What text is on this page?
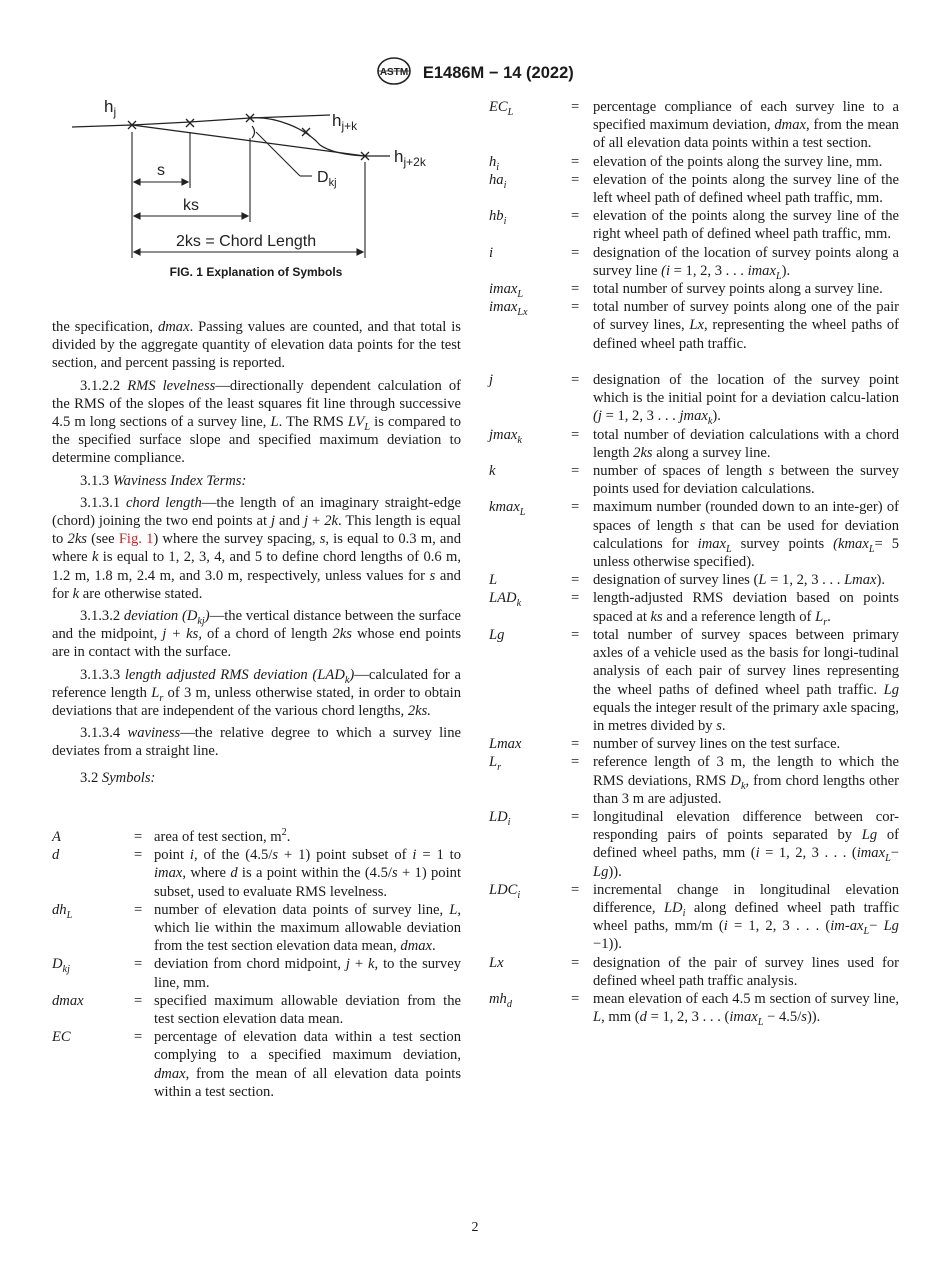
ASTM E1486M − 14 (2022)
$h_j$	$h_{j+k}$
$h_{j+2k}$
$D_{kj}$
s
ks
2ks = Chord Length
FIG. 1 Explanation of Symbols

the specification, dmax. Passing values are counted, and that total is divided by the aggregate quantity of elevation data points for the test section, and percent passing is reported.

3.1.2.2 RMS levelness—directionally dependent calculation of the RMS of the slopes of the least squares fit line through successive 4.5 m long sections of a survey line, L. The RMS $LV_L$ is compared to the specified surface slope and specified maximum deviation to determine compliance.

3.1.3 Waviness Index Terms:

3.1.3.1 chord length—the length of an imaginary straight-edge (chord) joining the two end points at j and j + 2k. This length is equal to 2ks (see Fig. 1) where the survey spacing, s, is equal to 0.3 m, and where k is equal to 1, 2, 3, 4, and 5 to define chord lengths of 0.6 m, 1.2 m, 1.8 m, 2.4 m, and 3.0 m, respectively, unless values for s and for k are otherwise stated.

3.1.3.2 deviation $(D_{kj})—the$ vertical distance between the surface and the midpoint, j + ks, of a chord of length 2ks whose end points are in contact with the surface.

3.1.3.3 length adjusted RMS deviation $(LAD_k)—calculated$ for a reference length $L_r$ of 3 m, unless otherwise stated, in order to obtain deviations that are independent of the various chord lengths, 2ks.

3.1.3.4 waviness—the relative degree to which a survey line deviates from a straight line.

3.2 Symbols:

A	= area of test section, $m^2$.
d	= point i, of the (4.5/s + 1) point subset of i = 1 to imax, where d is a point within the (4.5/s + 1) point subset, used to evaluate RMS levelness.
$dh_L$	= number of elevation data points of survey line, L, which lie within the maximum allowable deviation from the test section elevation data mean, dmax.
$D_{kj}$	= deviation from chord midpoint, j + k, to the survey line, mm.
dmax	= specified maximum allowable deviation from the test section elevation data mean.
EC	= percentage of elevation data within a test section complying to a specified maximum deviation, dmax, from the mean of all elevation data points within a test section.
$EC_L$	= percentage compliance of each survey line to a specified maximum deviation, dmax, from the mean of all elevation data points within a test section.
$h_i$	= elevation of the points along the survey line, mm.
$ha_i$	= elevation of the points along the survey line of the left wheel path of defined wheel path traffic, mm.
$hb_i$	= elevation of the points along the survey line of the right wheel path of defined wheel path traffic, mm.
i	= designation of the location of survey points along a survey line (i = 1, 2, 3 . . . imax$_L$).
imax$_L$	= total number of survey points along a survey line.
imax$_{Lx}$	= total number of survey points along one of the pair of survey lines, Lx, representing the wheel paths of defined wheel path traffic.

j	= designation of the location of the survey point which is the initial point for a deviation calcu-lation (j = 1, 2, 3 . . . jmax$_k$).
jmax$_k$	= total number of deviation calculations with a chord length 2ks along a survey line.
k	= number of spaces of length s between the survey points used for deviation calculations.
kmax$_L$	= maximum number (rounded down to an inte-ger) of spaces of length s that can be used for deviation calculations for imax$_L$ survey points (kmax$_L$= 5 unless otherwise specified).
L	= designation of survey lines (L = 1, 2, 3 . . . Lmax).
$LAD_k$	= length-adjusted RMS deviation based on points spaced at ks and a reference length of $L_r$.
Lg	= total number of survey spaces between primary axles of a vehicle used as the basis for longi-tudinal analysis of each pair of survey lines representing the wheel paths of defined wheel path traffic. Lg equals the integer result of the primary axle spacing, in metres divided by s.
Lmax	= number of survey lines on the test surface.
$L_r$	= reference length of 3 m, the length to which the RMS deviations, RMS $D_k$, from chord lengths other than 3 m are adjusted.
$LD_i$	= longitudinal elevation difference between cor-responding pairs of points separated by Lg of defined wheel paths, mm (i = 1, 2, 3 . . . (imax$_L$− Lg)).
$LDC_i$	= incremental change in longitudinal elevation difference, $LD_i$ along defined wheel path traffic wheel paths, mm/m (i = 1, 2, 3 . . . $(im-ax_L- Lg -1)$).
Lx	= designation of the pair of survey lines used for defined wheel path traffic analysis.
$mh_d$	= mean elevation of each 4.5 m section of survey line, L, mm (d = 1, 2, 3 . . . (imax$_L$ − 4.5/s)).
2
